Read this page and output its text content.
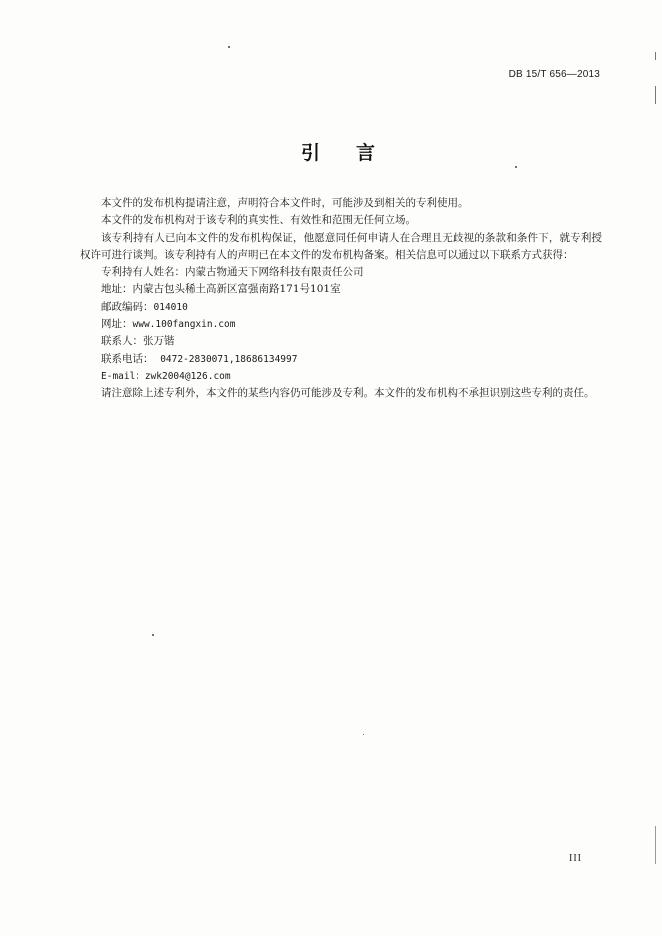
DB 15/T 656—2013
引 言

本文件的发布机构提请注意，声明符合本文件时，可能涉及到相关的专利使用。

本文件的发布机构对于该专利的真实性、有效性和范围无任何立场。

该专利持有人已向本文件的发布机构保证，他愿意同任何申请人在合理且无歧视的条款和条件下，就专利授权许可进行谈判。该专利持有人的声明已在本文件的发布机构备案。相关信息可以通过以下联系方式获得：

专利持有人姓名：内蒙古物通天下网络科技有限责任公司

地址：内蒙古包头稀土高新区富强南路171号101室

邮政编码：014010

网址：www.100fangxin.com

联系人：张万锴

联系电话： 0472-2830071,18686134997

E-mail：zwk2004@126.com

请注意除上述专利外，本文件的某些内容仍可能涉及专利。本文件的发布机构不承担识别这些专利的责任。

III
